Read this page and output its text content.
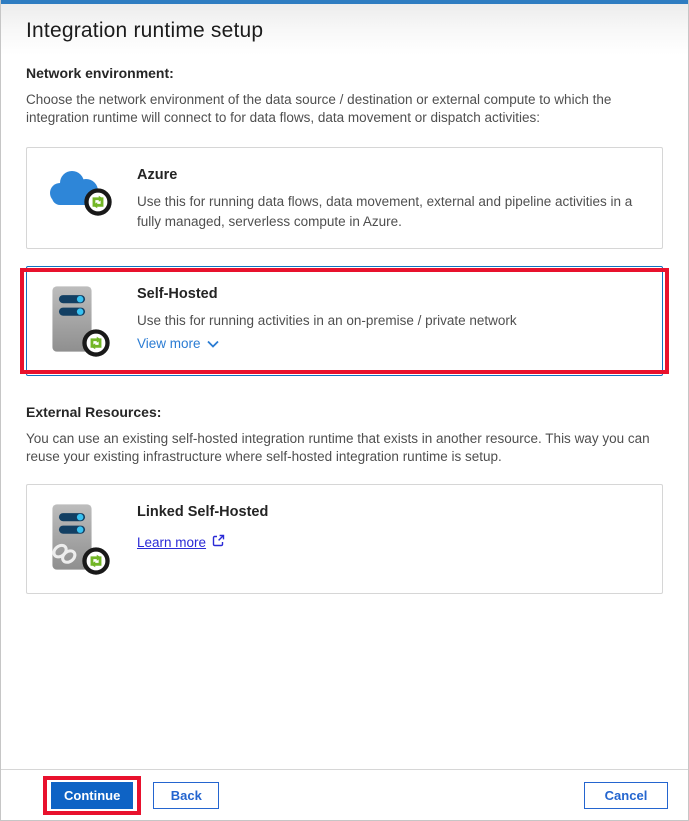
Integration runtime setup
Network environment:

Choose the network environment of the data source / destination or external compute to which the integration runtime will connect to for data flows, data movement or dispatch activities:

Azure
Use this for running data flows, data movement, external and pipeline activities in a fully managed, serverless compute in Azure.
Self-Hosted
Use this for running activities in an on-premise / private network
View more
External Resources:

You can use an existing self-hosted integration runtime that exists in another resource. This way you can reuse your existing infrastructure where self-hosted integration runtime is setup.

Linked Self-Hosted
Learn more
Continue	Back	Cancel
